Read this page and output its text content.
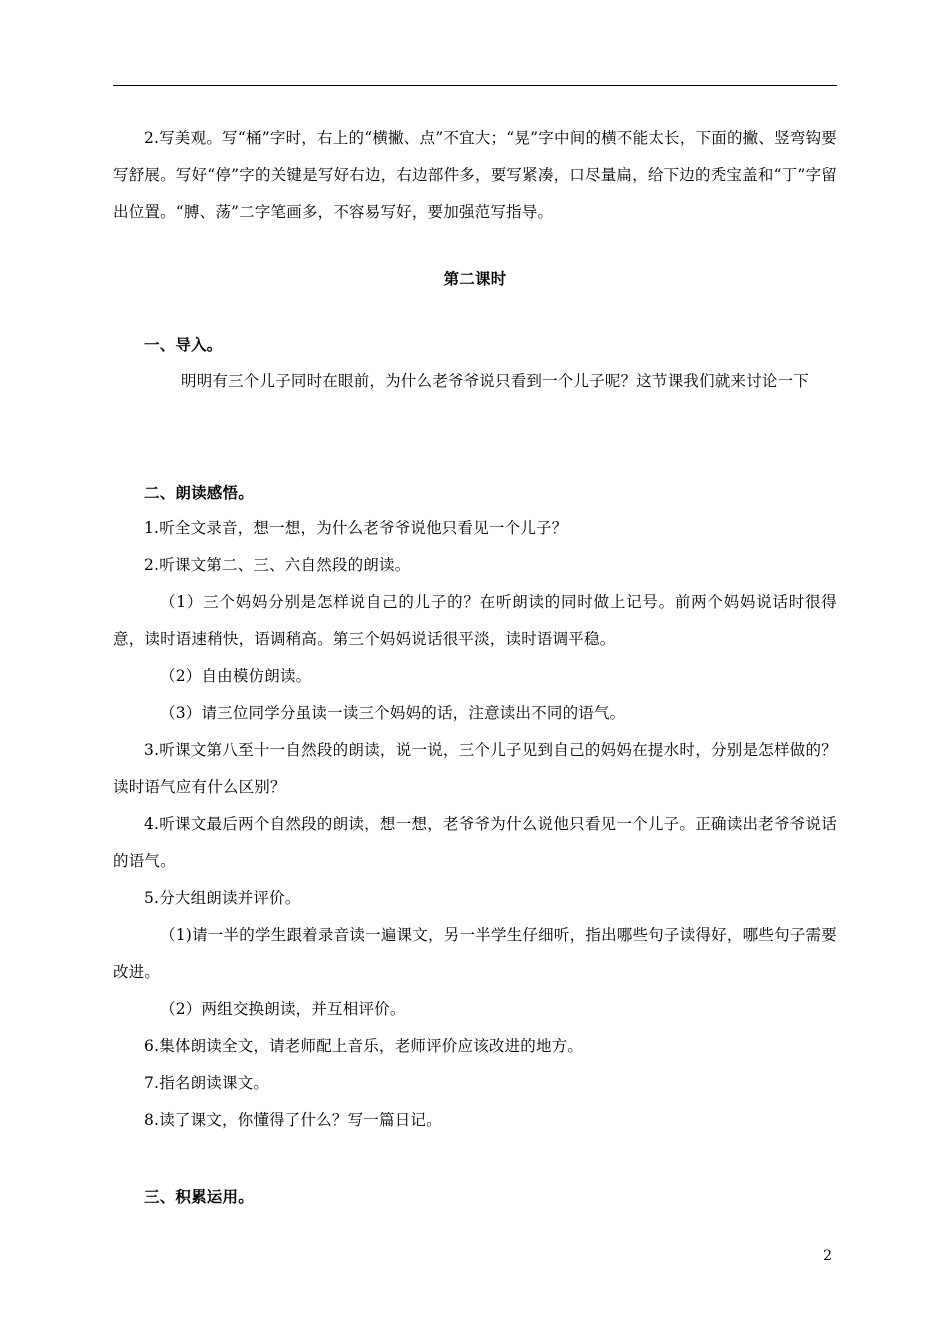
2.写美观。写“桶”字时，右上的“横撇、点”不宜大；“晃”字中间的横不能太长，下面的撇、竖弯钩要写舒展。写好“停”字的关键是写好右边，右边部件多，要写紧凑，口尽量扁，给下边的秃宝盖和“丁”字留出位置。“膊、荡”二字笔画多，不容易写好，要加强范写指导。

第二课时

一、导入。

明明有三个儿子同时在眼前，为什么老爷爷说只看到一个儿子呢？这节课我们就来讨论一下

二、朗读感悟。

1.听全文录音，想一想，为什么老爷爷说他只看见一个儿子？

2.听课文第二、三、六自然段的朗读。

（1）三个妈妈分别是怎样说自己的儿子的？在听朗读的同时做上记号。前两个妈妈说话时很得意，读时语速稍快，语调稍高。第三个妈妈说话很平淡，读时语调平稳。

（2）自由模仿朗读。

（3）请三位同学分虽读一读三个妈妈的话，注意读出不同的语气。

3.听课文第八至十一自然段的朗读，说一说，三个儿子见到自己的妈妈在提水时，分别是怎样做的？读时语气应有什么区别？

4.听课文最后两个自然段的朗读，想一想，老爷爷为什么说他只看见一个儿子。正确读出老爷爷说话的语气。

5.分大组朗读并评价。

（1)请一半的学生跟着录音读一遍课文，另一半学生仔细听，指出哪些句子读得好，哪些句子需要改进。

（2）两组交换朗读，并互相评价。

6.集体朗读全文，请老师配上音乐，老师评价应该改进的地方。

7.指名朗读课文。

8.读了课文，你懂得了什么？写一篇日记。

三、积累运用。

2
